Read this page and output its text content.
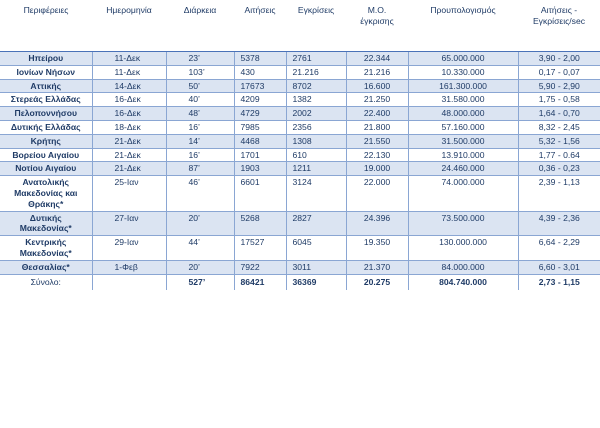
Περιφέρειες	Ημερομηνία	Διάρκεια	Αιτήσεις	Εγκρίσεις	Μ.Ο.
έγκρισης	Προυπολογισμός	Αιτήσεις -
Εγκρίσεις/sec
Ηπείρου	11-Δεκ	23’	5378	2761	22.344	65.000.000	3,90 - 2,00
Ιονίων Νήσων	11-Δεκ	103’	430	21.216	21.216	10.330.000	0,17 - 0,07
Αττικής	14-Δεκ	50’	17673	8702	16.600	161.300.000	5,90 - 2,90
Στερεάς Ελλάδας	16-Δεκ	40’	4209	1382	21.250	31.580.000	1,75 - 0,58
Πελοποννήσου	16-Δεκ	48’	4729	2002	22.400	48.000.000	1,64 - 0,70
Δυτικής Ελλάδας	18-Δεκ	16’	7985	2356	21.800	57.160.000	8,32 - 2,45
Κρήτης	21-Δεκ	14’	4468	1308	21.550	31.500.000	5,32 - 1,56
Βορείου Αιγαίου	21-Δεκ	16’	1701	610	22.130	13.910.000	1,77 - 0.64
Νοτίου Αιγαίου	21-Δεκ	87’	1903	1211	19.000	24.460.000	0,36 - 0,23
Ανατολικής Μακεδονίας και Θράκης*	25-Ιαν	46’	6601	3124	22.000	74.000.000	2,39 - 1,13
Δυτικής Μακεδονίας*	27-Ιαν	20’	5268	2827	24.396	73.500.000	4,39 - 2,36
Κεντρικής Μακεδονίας*	29-Ιαν	44’	17527	6045	19.350	130.000.000	6,64 - 2,29
Θεσσαλίας*	1-Φεβ	20’	7922	3011	21.370	84.000.000	6,60 - 3,01
Σύνολο:		527’	86421	36369	20.275	804.740.000	2,73 - 1,15
